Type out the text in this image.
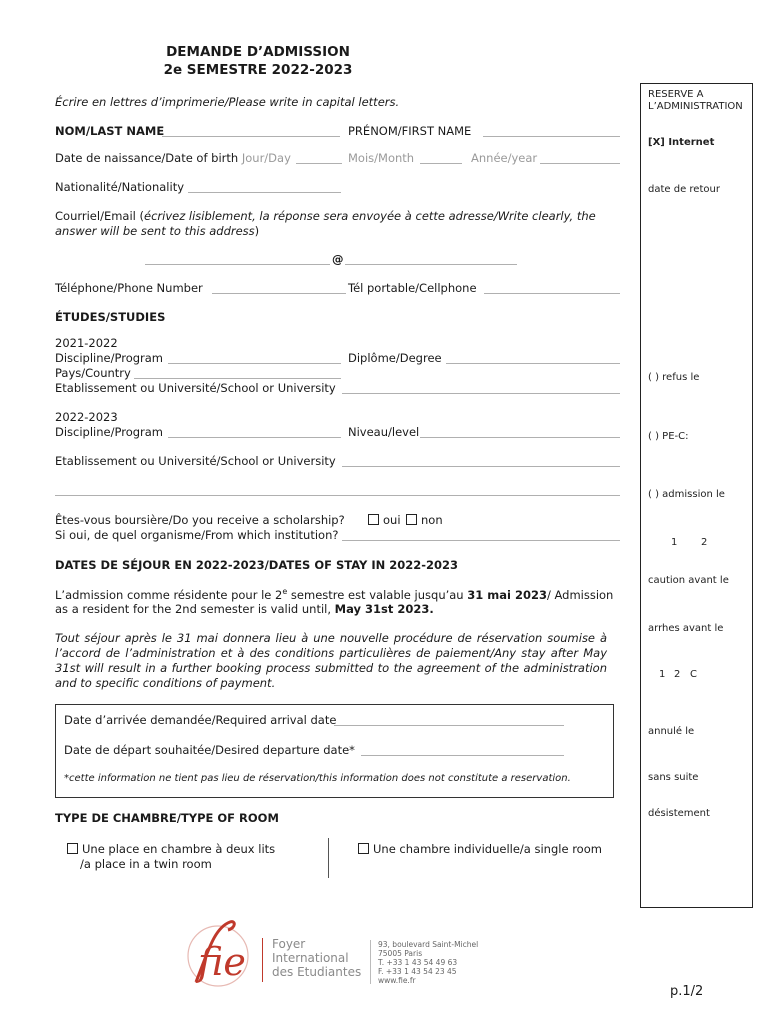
DEMANDE D’ADMISSION
2e SEMESTRE 2022-2023
Écrire en lettres d’imprimerie/Please write in capital letters.
NOM/LAST NAME	PRÉNOM/FIRST NAME
Date de naissance/Date of birth Jour/Day	Mois/Month	Année/year
Nationalité/Nationality
Courriel/Email (écrivez lisiblement, la réponse sera envoyée à cette adresse/Write clearly, the answer will be sent to this address)
@
Téléphone/Phone Number	Tél portable/Cellphone
ÉTUDES/STUDIES
2021-2022
Discipline/Program	Diplôme/Degree
Pays/Country
Etablissement ou Université/School or University
2022-2023
Discipline/Program	Niveau/level
Etablissement ou Université/School or University
Êtes-vous boursière/Do you receive a scholarship?	oui	non
Si oui, de quel organisme/From which institution?
DATES DE SÉJOUR EN 2022-2023/DATES OF STAY IN 2022-2023
L’admission comme résidente pour le 2e semestre est valable jusqu’au 31 mai 2023/ Admission
as a resident for the 2nd semester is valid until, May 31st 2023.
Tout séjour après le 31 mai donnera lieu à une nouvelle procédure de réservation soumise à l’accord de l’administration et à des conditions particulières de paiement/Any stay after May 31st will result in a further booking process submitted to the agreement of the administration and to specific conditions of payment.
Date d’arrivée demandée/Required arrival date
Date de départ souhaitée/Desired departure date*
*cette information ne tient pas lieu de réservation/this information does not constitute a reservation.
TYPE DE CHAMBRE/TYPE OF ROOM
Une place en chambre à deux lits
/a place in a twin room
Une chambre individuelle/a single room
RESERVE A
L’ADMINISTRATION
[X] Internet
date de retour
( ) refus le
( ) PE-C:
( ) admission le
1 2
caution avant le
arrhes avant le
1 2 C
annulé le
sans suite
désistement
fie Foyer
International
des Etudiantes
93, boulevard Saint-Michel
75005 Paris
T. +33 1 43 54 49 63
F. +33 1 43 54 23 45
www.fie.fr
p.1/2
